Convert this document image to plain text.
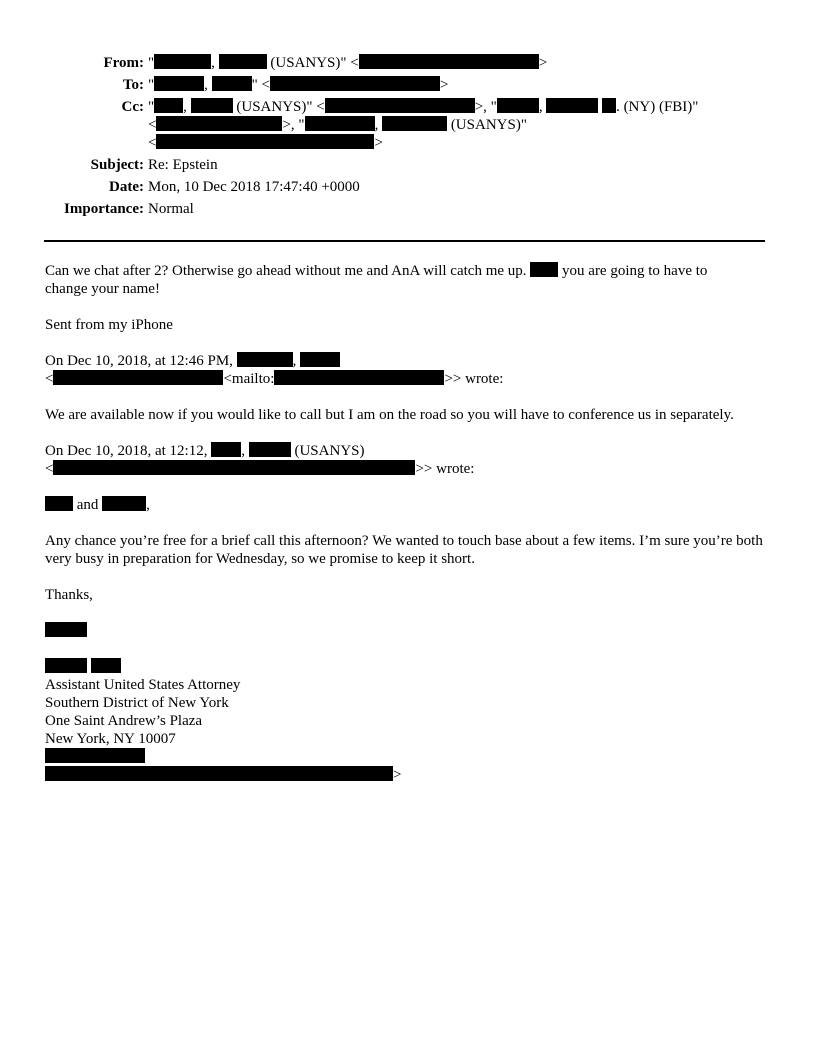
From: "	,	(USANYS)" <	>
To: "	,	" <	>
Cc: " ,	(USANYS)" <	>, "	,	. (NY) (FBI)"
<	>, "	,	(USANYS)"
<	>
Subject: Re: Epstein
Date: Mon, 10 Dec 2018 17:47:40 +0000
Importance: Normal

Can we chat after 2? Otherwise go ahead without me and AnA will catch me up. you are going to have to
change your name!

Sent from my iPhone

On Dec 10, 2018, at 12:46 PM,	,
<	<mailto:	>> wrote:

We are available now if you would like to call but I am on the road so you will have to conference us in separately.

On Dec 10, 2018, at 12:12, ,	(USANYS)
<	>> wrote:

and	,

Any chance you’re free for a brief call this afternoon? We wanted to touch base about a few items. I’m sure you’re both very busy in preparation for Wednesday, so we promise to keep it short.

Thanks,

Assistant United States Attorney
Southern District of New York
One Saint Andrew’s Plaza
New York, NY 10007
>
